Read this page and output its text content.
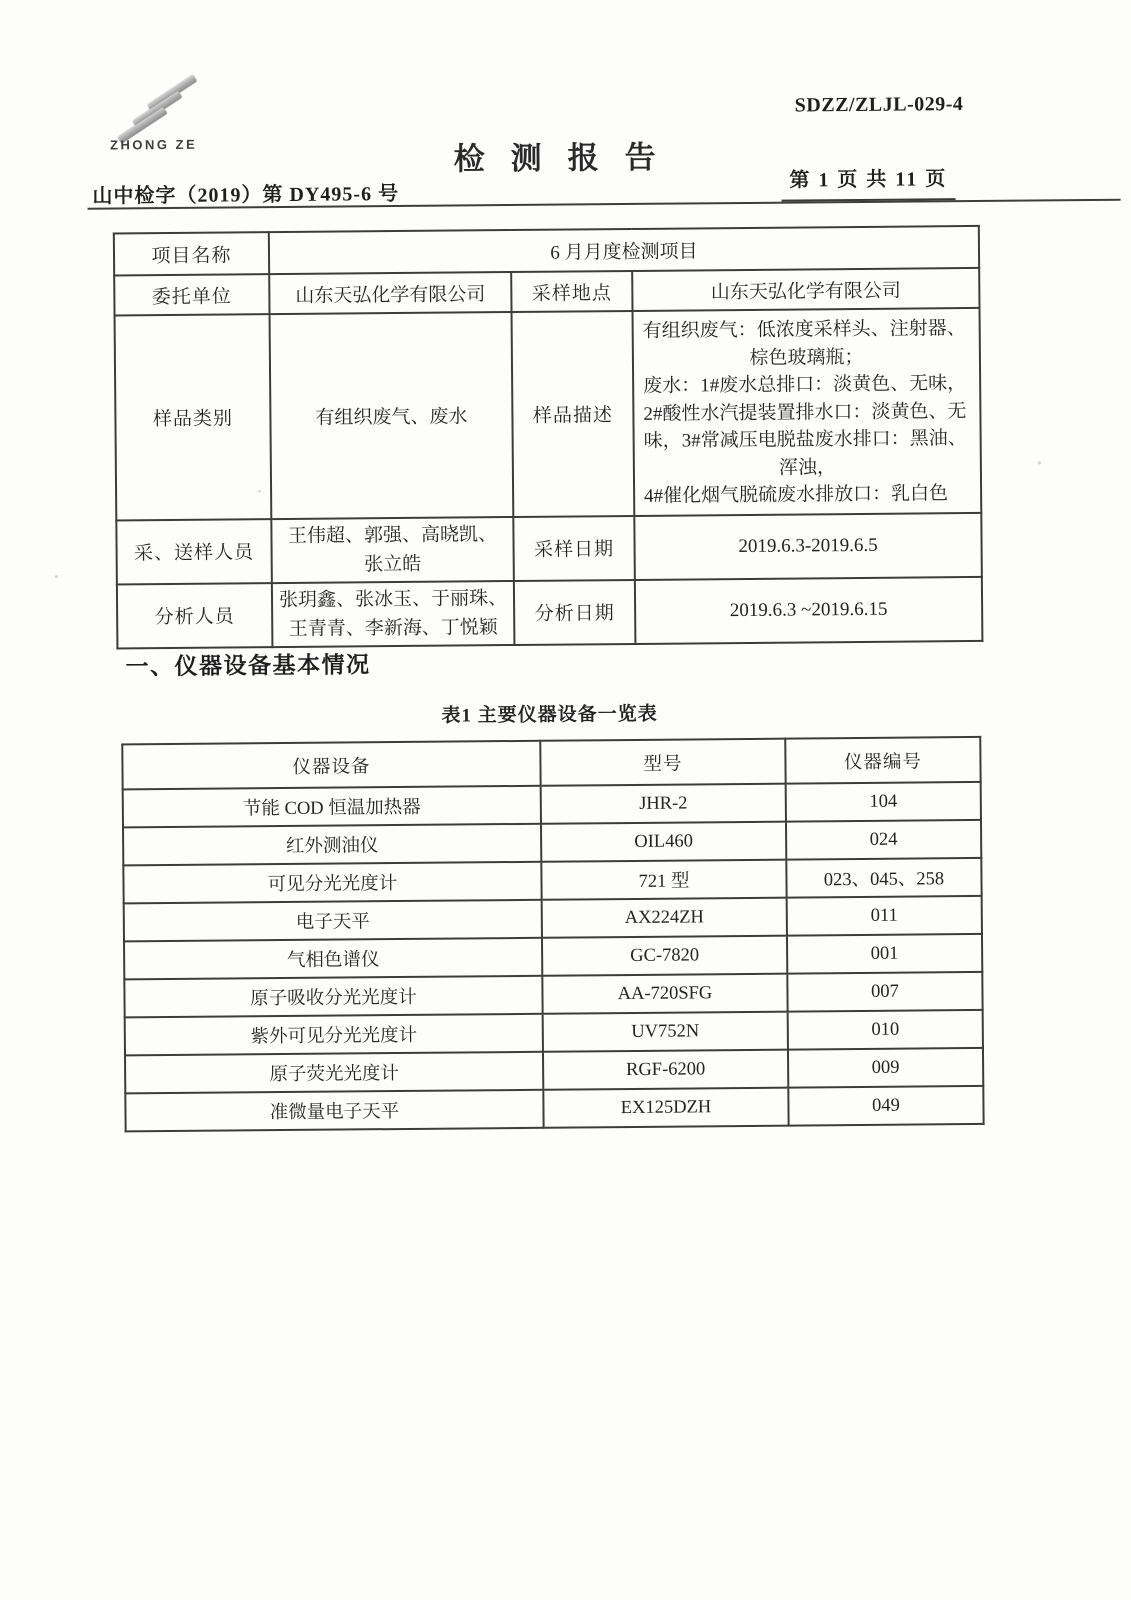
ZHONG ZE
SDZZ/ZLJL-029-4
检测报告
山中检字（2019）第 DY495-6 号
第 1 页 共 11 页
项目名称	6 月月度检测项目		
委托单位	山东天弘化学有限公司	采样地点	山东天弘化学有限公司
样品类别	有组织废气、废水	样品描述	
有组织废气：低浓度采样头、注射器、
棕色玻璃瓶；
废水：1#废水总排口：淡黄色、无味，
2#酸性水汽提装置排水口：淡黄色、无
味，3#常减压电脱盐废水排口：黑油、
浑浊，
4#催化烟气脱硫废水排放口：乳白色

采、送样人员	王伟超、郭强、高晓凯、
张立皓	采样日期	2019.6.3-2019.6.5
分析人员	张玥鑫、张冰玉、于丽珠、
王青青、李新海、丁悦颖	分析日期	2019.6.3 ~2019.6.15
一、仪器设备基本情况
表1 主要仪器设备一览表
仪器设备	型号	仪器编号
节能 COD 恒温加热器	JHR-2	104
红外测油仪	OIL460	024
可见分光光度计	721 型	023、045、258
电子天平	AX224ZH	011
气相色谱仪	GC-7820	001
原子吸收分光光度计	AA-720SFG	007
紫外可见分光光度计	UV752N	010
原子荧光光度计	RGF-6200	009
准微量电子天平	EX125DZH	049
